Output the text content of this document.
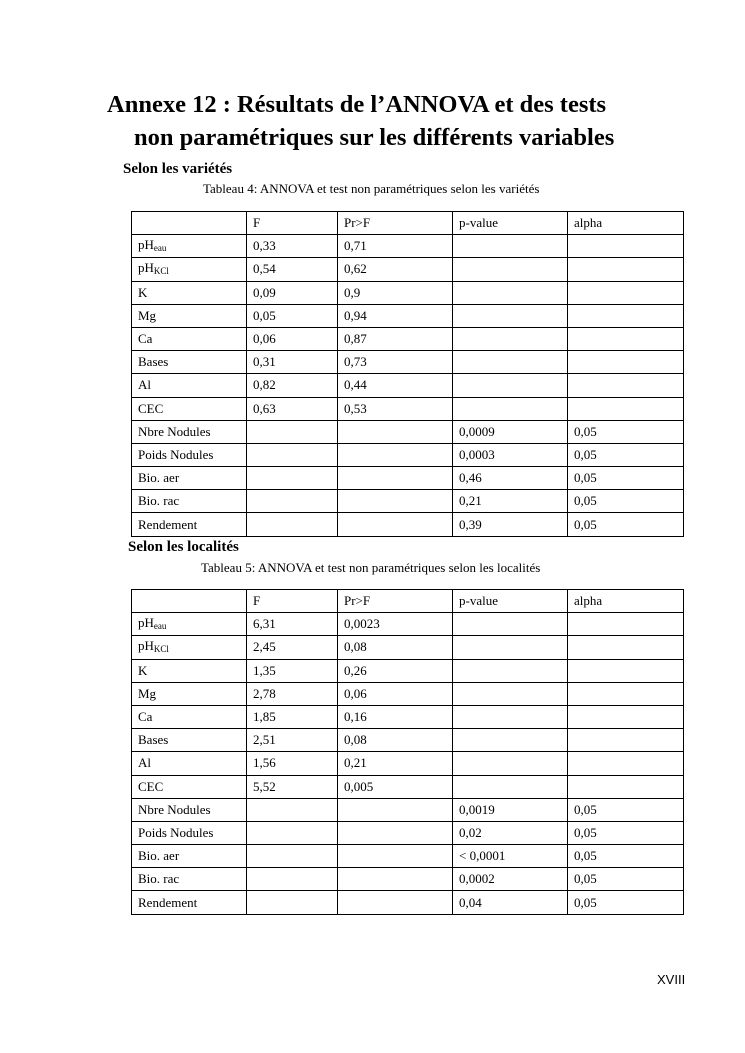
Annexe 12 : Résultats de l’ANNOVA et des tests
non paramétriques sur les différents variables
Selon les variétés
Tableau 4: ANNOVA et test non paramétriques selon les variétés
	F	Pr>F	p-value	alpha
$pH_{eau}$	0,33	0,71		
$pH_{KCl}$	0,54	0,62		
K	0,09	0,9		
Mg	0,05	0,94		
Ca	0,06	0,87		
Bases	0,31	0,73		
Al	0,82	0,44		
CEC	0,63	0,53		
Nbre Nodules			0,0009	0,05
Poids Nodules			0,0003	0,05
Bio. aer			0,46	0,05
Bio. rac			0,21	0,05
Rendement			0,39	0,05
Selon les localités
Tableau 5: ANNOVA et test non paramétriques selon les localités
	F	Pr>F	p-value	alpha
$pH_{eau}$	6,31	0,0023		
$pH_{KCl}$	2,45	0,08		
K	1,35	0,26		
Mg	2,78	0,06		
Ca	1,85	0,16		
Bases	2,51	0,08		
Al	1,56	0,21		
CEC	5,52	0,005		
Nbre Nodules			0,0019	0,05
Poids Nodules			0,02	0,05
Bio. aer			< 0,0001	0,05
Bio. rac			0,0002	0,05
Rendement			0,04	0,05
XVIII
